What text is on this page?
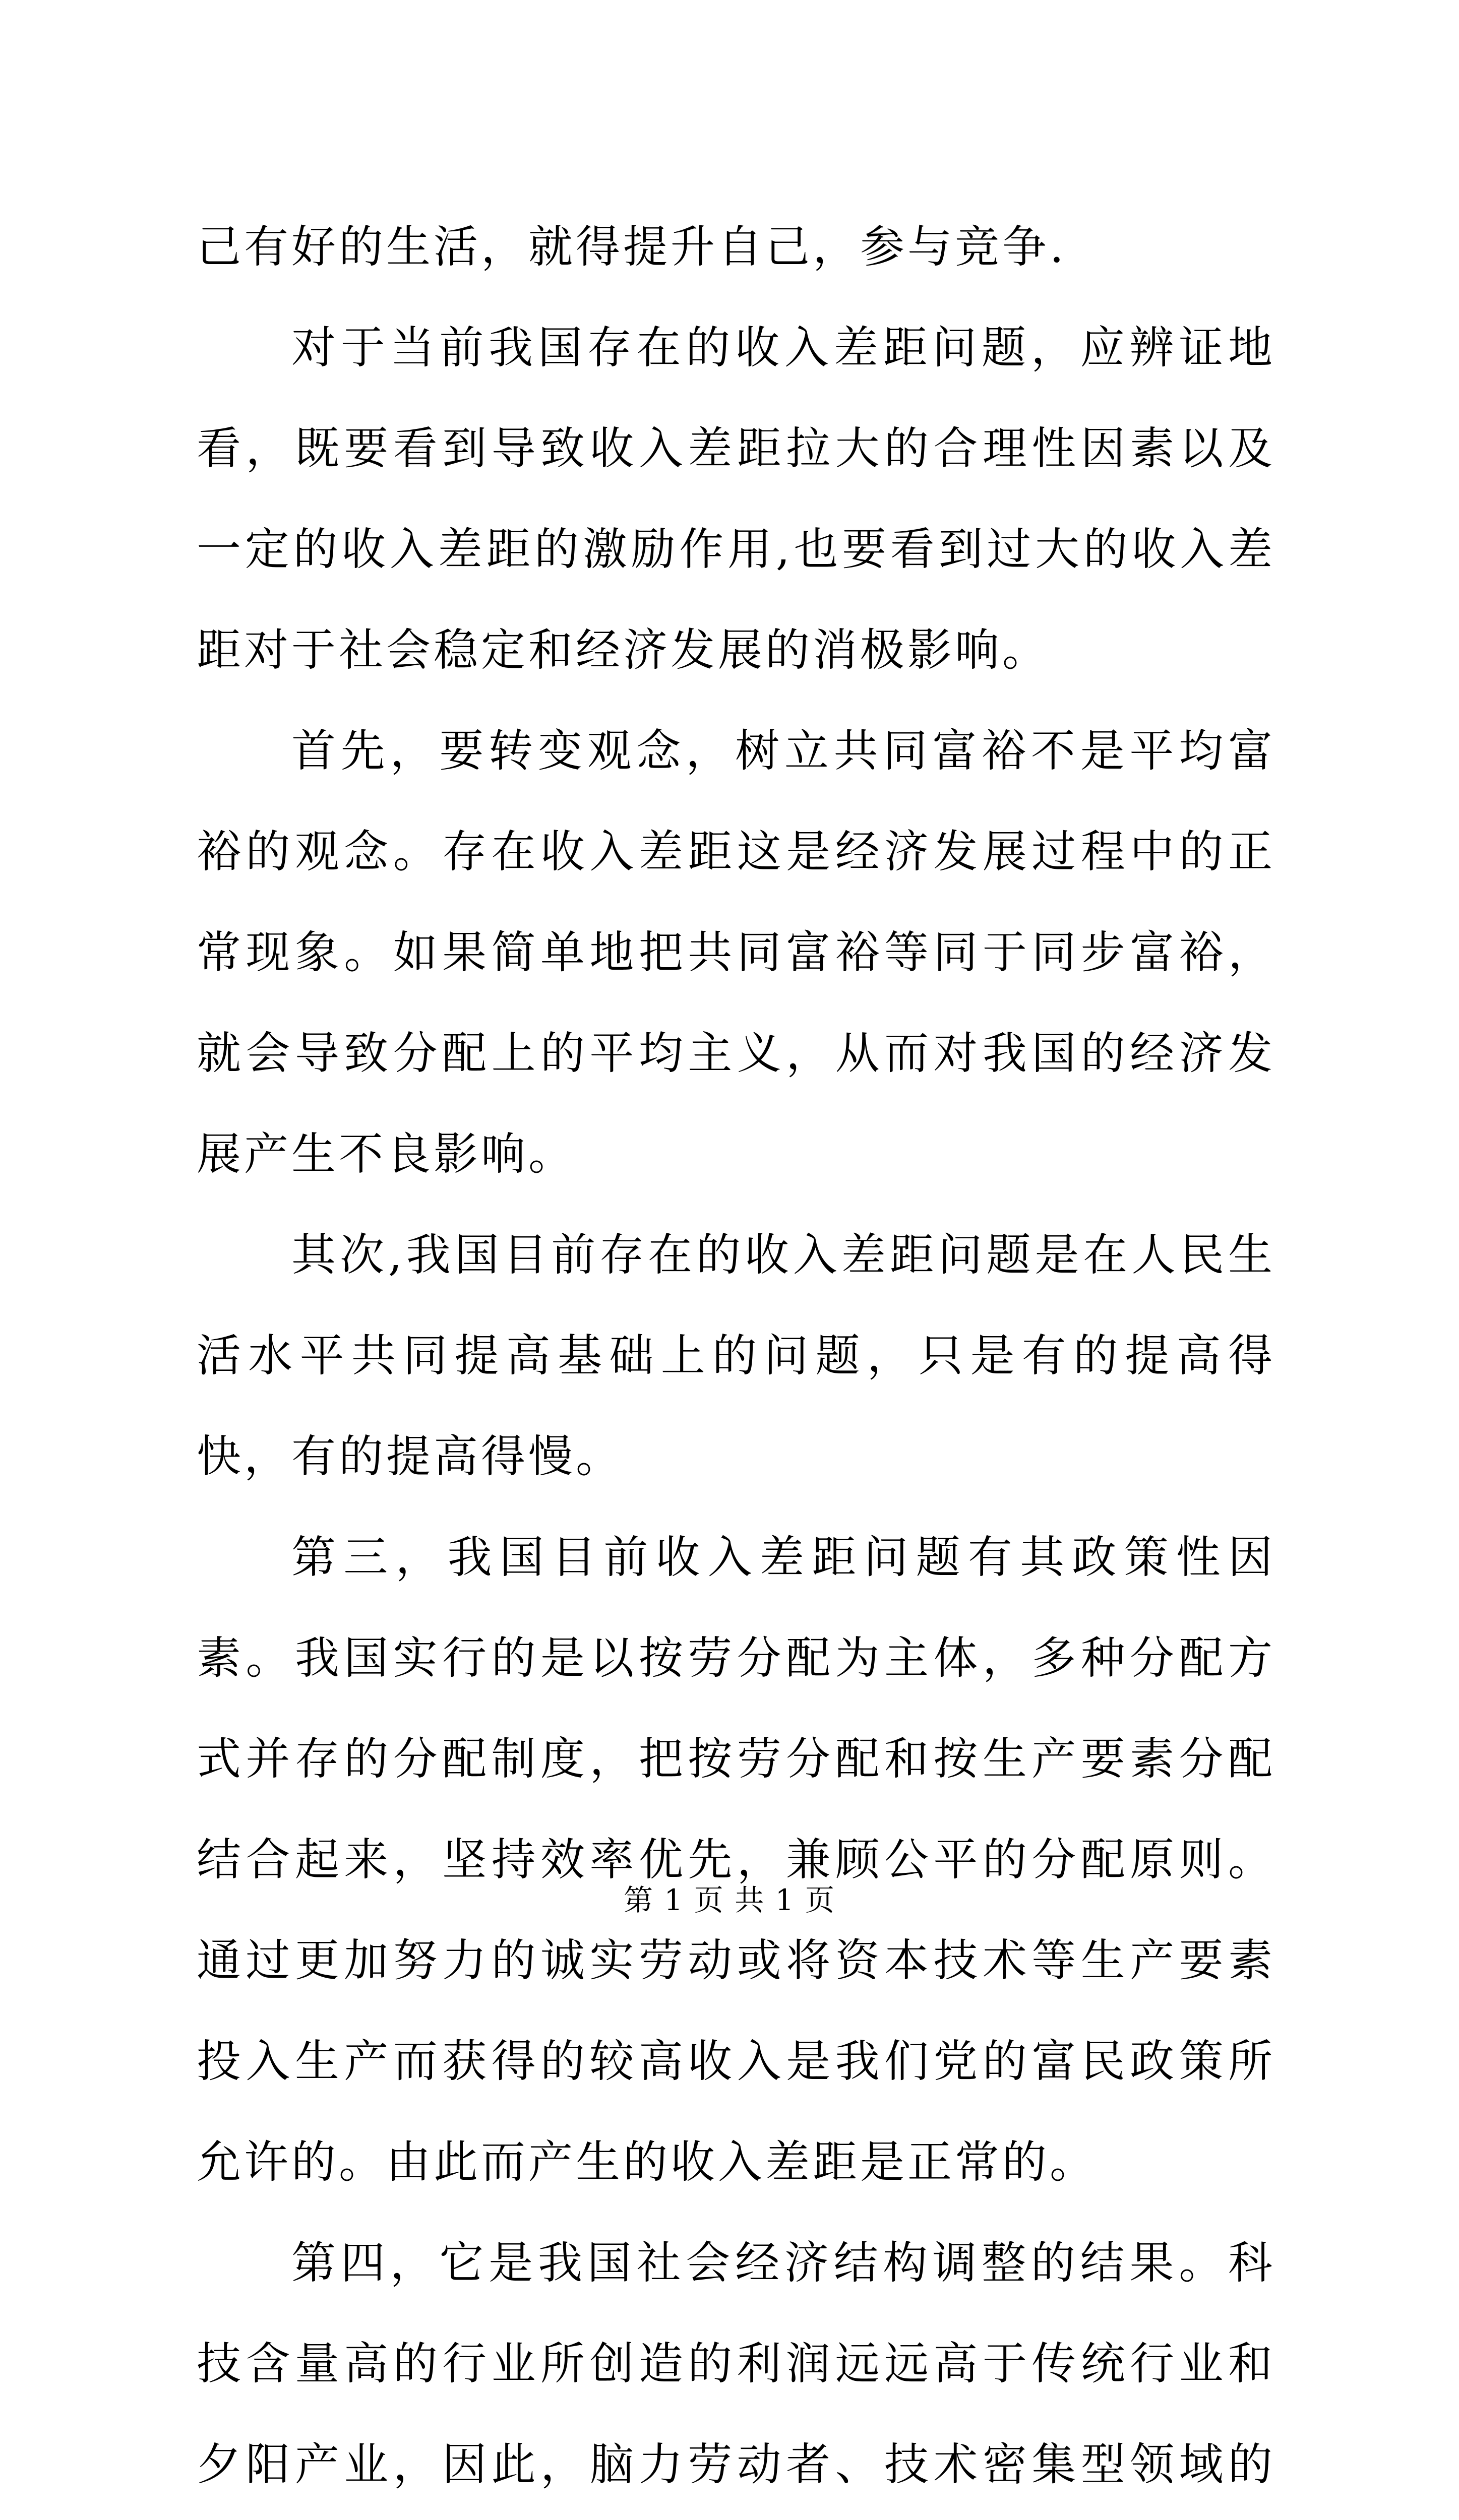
己有好的生活，就得提升自己，参与竞争.

对于当前我国存在的收入差距问题，应辨证地看，既要看到导致收入差距拉大的合理性因素以及一定的收入差距的激励作用,也要看到过大的收入差距对于社会稳定和经济发展的消极影响。

首先，要转变观念，树立共同富裕不是平均富裕的观念。存在收入差距这是经济发展过程中的正常现象。如果简单地把共同富裕等同于同步富裕，就会导致分配上的平均主义，从而对我国的经济发展产生不良影响。

其次,我国目前存在的收入差距问题是在人民生活水平共同提高基础上的问题，只是有的提高得快，有的提高得慢。

第三，我国目前收入差距问题有其政策性因素。我国实行的是以按劳分配为主体，多种分配方式并存的分配制度，把按劳分配和按生产要素分配结合起来，坚持效率优先，兼顾公平的分配原则。通过更加努力的诚实劳动或将资本技术等生产要素投入生产而获得的较高收入是我们党的富民政策所允许的。由此而产生的收入差距是正常的。

第四，它是我国社会经济结构调整的结果。科技含量高的行业所创造的利润远远高于传统行业和夕阳产业，因此，脑力劳动者、技术密集型领域的

第 1 页 共 1 页
